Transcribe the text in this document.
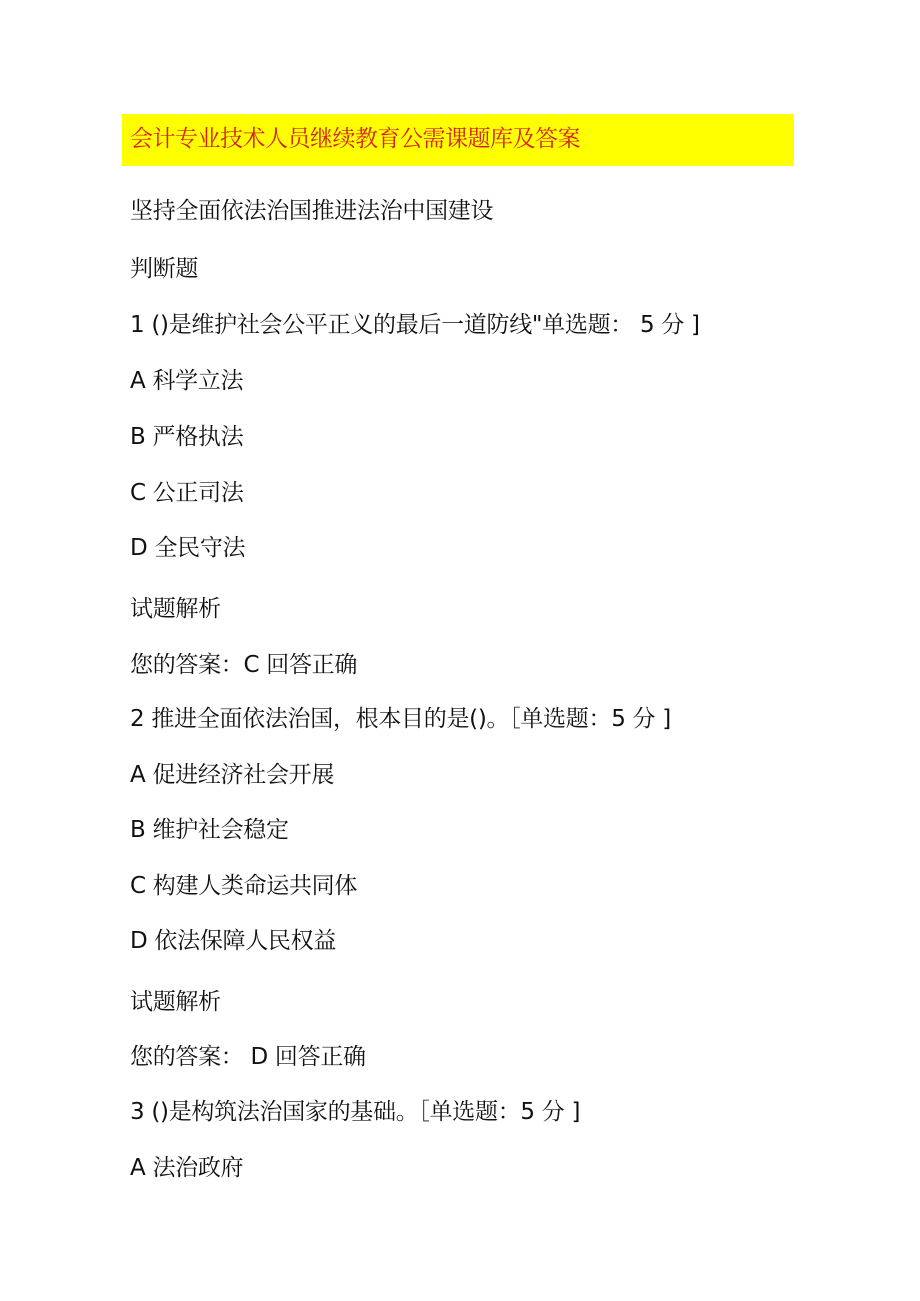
会计专业技术人员继续教育公需课题库及答案
坚持全面依法治国推进法治中国建设
判断题
1 ()是维护社会公平正义的最后一道防线"单选题： 5 分 ]
A 科学立法
B 严格执法
C 公正司法
D 全民守法
试题解析
您的答案：C 回答正确
2 推进全面依法治国，根本目的是()。［单选题：5 分 ]
A 促进经济社会开展
B 维护社会稳定
C 构建人类命运共同体
D 依法保障人民权益
试题解析
您的答案： D 回答正确
3 ()是构筑法治国家的基础。［单选题：5 分 ]
A 法治政府
